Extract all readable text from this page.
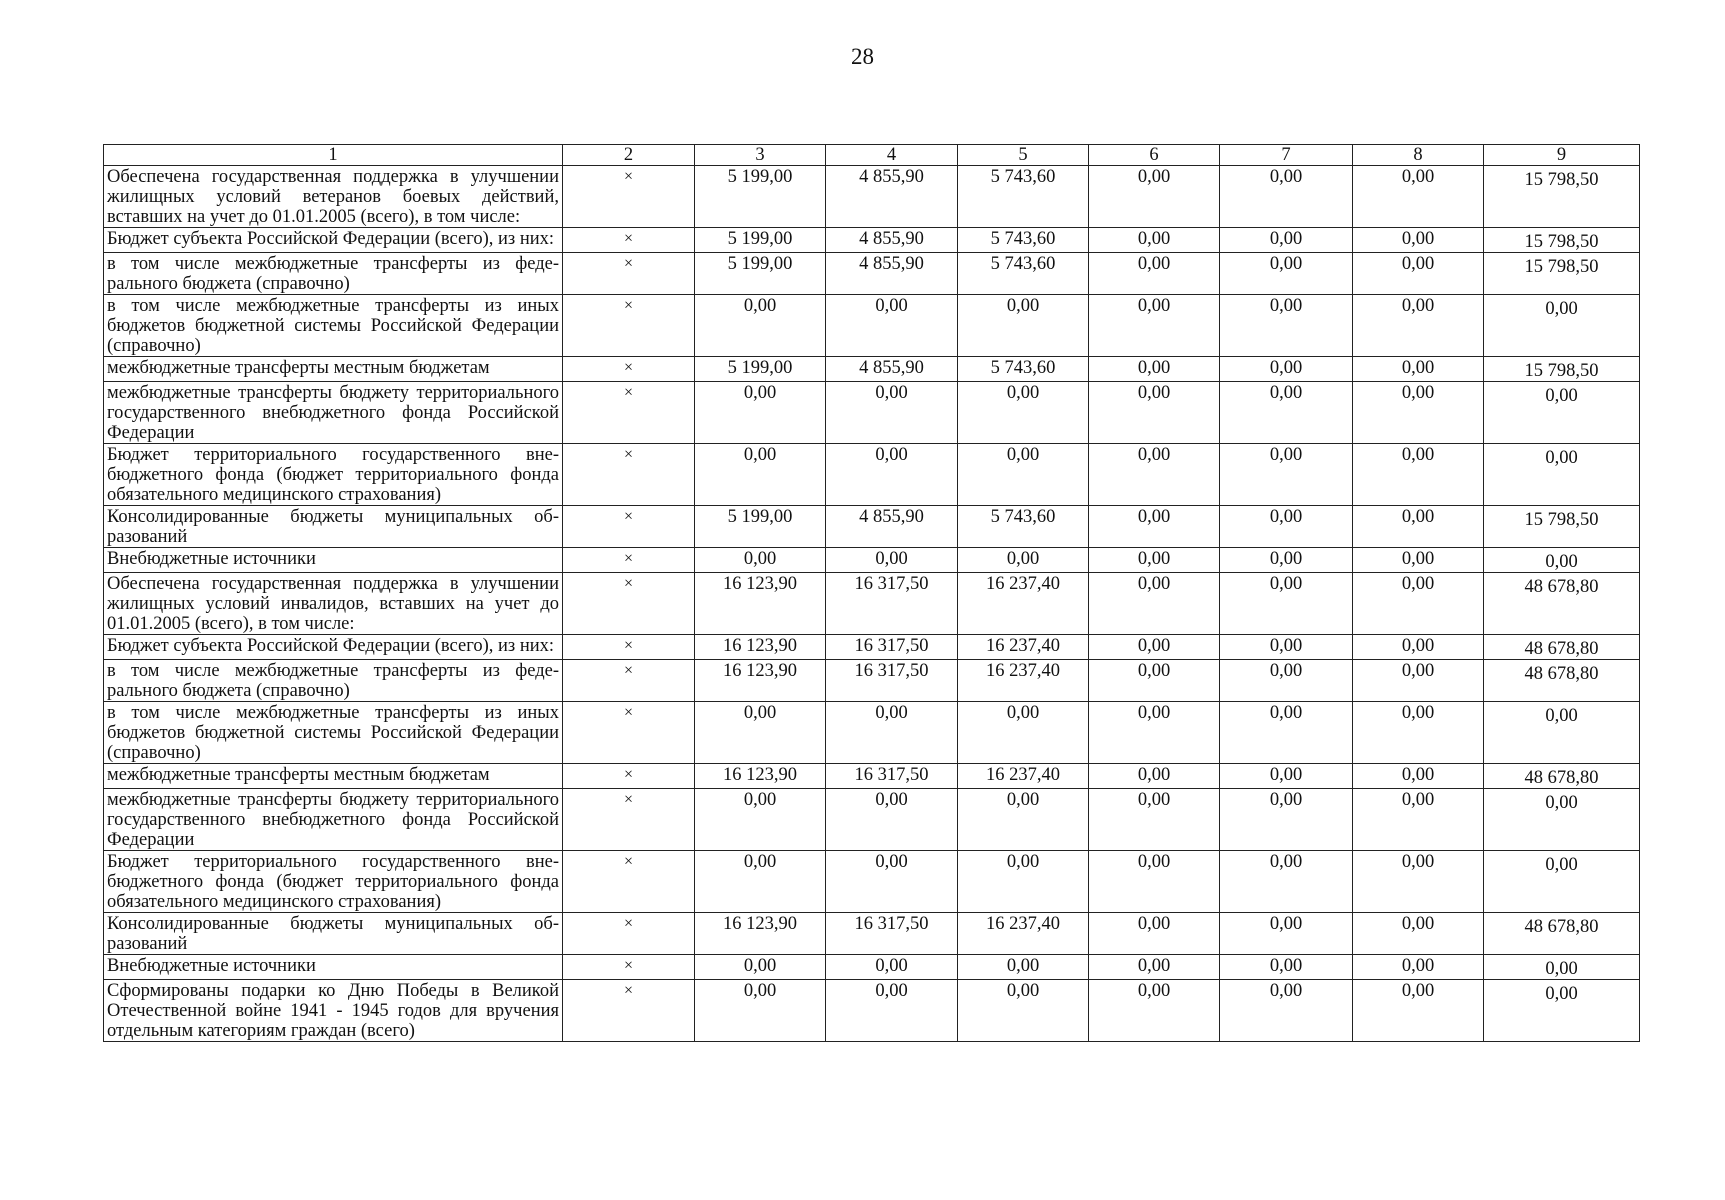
28
1	2	3	4	5	6	7	8	9
Обеспечена государственная поддержка в улучшении жилищных условий ветеранов боевых действий, вставших на учет до 01.01.2005 (всего), в том числе:	×	5 199,00	4 855,90	5 743,60	0,00	0,00	0,00	15 798,50
Бюджет субъекта Российской Федерации (всего), из них:	×	5 199,00	4 855,90	5 743,60	0,00	0,00	0,00	15 798,50
в том числе межбюджетные трансферты из федерального бюджета (справочно)	×	5 199,00	4 855,90	5 743,60	0,00	0,00	0,00	15 798,50
в том числе межбюджетные трансферты из иных бюджетов бюджетной системы Российской Федерации (справочно)	×	0,00	0,00	0,00	0,00	0,00	0,00	0,00
межбюджетные трансферты местным бюджетам	×	5 199,00	4 855,90	5 743,60	0,00	0,00	0,00	15 798,50
межбюджетные трансферты бюджету территориального государственного внебюджетного фонда Российской Федерации	×	0,00	0,00	0,00	0,00	0,00	0,00	0,00
Бюджет территориального государственного внебюджетного фонда (бюджет территориального фонда обязательного медицинского страхования)	×	0,00	0,00	0,00	0,00	0,00	0,00	0,00
Консолидированные бюджеты муниципальных образований	×	5 199,00	4 855,90	5 743,60	0,00	0,00	0,00	15 798,50
Внебюджетные источники	×	0,00	0,00	0,00	0,00	0,00	0,00	0,00
Обеспечена государственная поддержка в улучшении жилищных условий инвалидов, вставших на учет до 01.01.2005 (всего), в том числе:	×	16 123,90	16 317,50	16 237,40	0,00	0,00	0,00	48 678,80
Бюджет субъекта Российской Федерации (всего), из них:	×	16 123,90	16 317,50	16 237,40	0,00	0,00	0,00	48 678,80
в том числе межбюджетные трансферты из федерального бюджета (справочно)	×	16 123,90	16 317,50	16 237,40	0,00	0,00	0,00	48 678,80
в том числе межбюджетные трансферты из иных бюджетов бюджетной системы Российской Федерации (справочно)	×	0,00	0,00	0,00	0,00	0,00	0,00	0,00
межбюджетные трансферты местным бюджетам	×	16 123,90	16 317,50	16 237,40	0,00	0,00	0,00	48 678,80
межбюджетные трансферты бюджету территориального государственного внебюджетного фонда Российской Федерации	×	0,00	0,00	0,00	0,00	0,00	0,00	0,00
Бюджет территориального государственного внебюджетного фонда (бюджет территориального фонда обязательного медицинского страхования)	×	0,00	0,00	0,00	0,00	0,00	0,00	0,00
Консолидированные бюджеты муниципальных образований	×	16 123,90	16 317,50	16 237,40	0,00	0,00	0,00	48 678,80
Внебюджетные источники	×	0,00	0,00	0,00	0,00	0,00	0,00	0,00
Сформированы подарки ко Дню Победы в Великой Отечественной войне 1941 - 1945 годов для вручения отдельным категориям граждан (всего)	×	0,00	0,00	0,00	0,00	0,00	0,00	0,00
